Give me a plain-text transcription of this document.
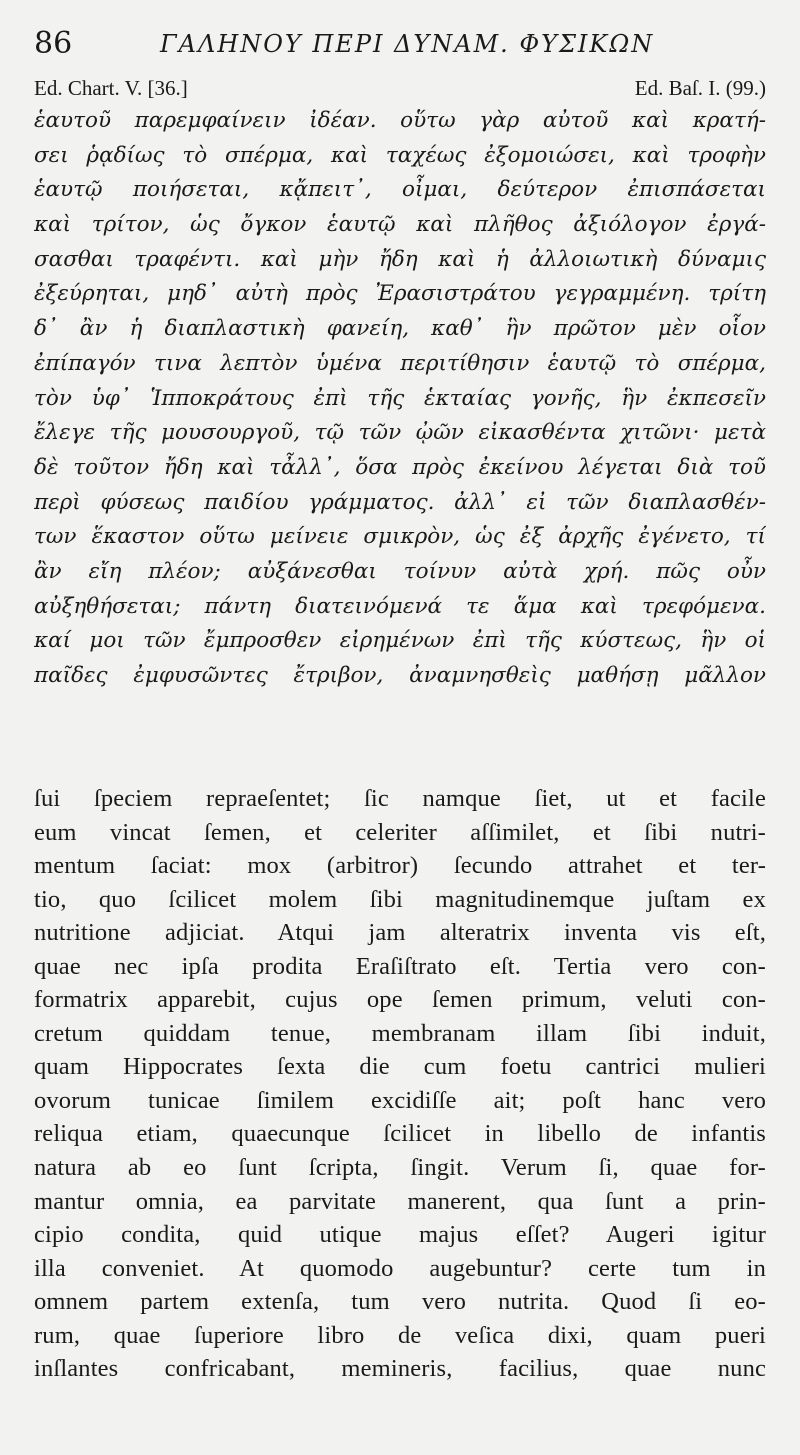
86	ΓΑΛΗΝΟΥ ΠΕΡΙ ΔΥΝΑΜ. ΦΥΣΙΚΩΝ
Ed. Chart. V. [36.]	Ed. Baſ. I. (99.)
ἑαυτοῦ παρεμφαίνειν ἰδέαν. οὕτω γὰρ αὐτοῦ καὶ κρατή-
σει ῥᾳδίως τὸ σπέρμα, καὶ ταχέως ἐξομοιώσει, καὶ τροφὴν
ἑαυτῷ ποιήσεται, κᾄπειτ᾽, οἶμαι, δεύτερον ἐπισπάσεται
καὶ τρίτον, ὡς ὄγκον ἑαυτῷ καὶ πλῆθος ἀξιόλογον ἐργά-
σασθαι τραφέντι. καὶ μὴν ἤδη καὶ ἡ ἀλλοιωτικὴ δύναμις
ἐξεύρηται, μηδ᾽ αὐτὴ πρὸς Ἐρασιστράτου γεγραμμένη. τρίτη
δ᾽ ἂν ἡ διαπλαστικὴ φανείη, καθ᾽ ἣν πρῶτον μὲν οἷον
ἐπίπαγόν τινα λεπτὸν ὑμένα περιτίθησιν ἑαυτῷ τὸ σπέρμα,
τὸν ὑφ᾽ Ἱπποκράτους ἐπὶ τῆς ἑκταίας γονῆς, ἣν ἐκπεσεῖν
ἔλεγε τῆς μουσουργοῦ, τῷ τῶν ᾠῶν εἰκασθέντα χιτῶνι· μετὰ
δὲ τοῦτον ἤδη καὶ τἆλλ᾽, ὅσα πρὸς ἐκείνου λέγεται διὰ τοῦ
περὶ φύσεως παιδίου γράμματος. ἀλλ᾽ εἰ τῶν διαπλασθέν-
των ἕκαστον οὕτω μείνειε σμικρὸν, ὡς ἐξ ἀρχῆς ἐγένετο, τί
ἂν εἴη πλέον; αὐξάνεσθαι τοίνυν αὐτὰ χρή. πῶς οὖν
αὐξηθήσεται; πάντη διατεινόμενά τε ἅμα καὶ τρεφόμενα.
καί μοι τῶν ἔμπροσθεν εἰρημένων ἐπὶ τῆς κύστεως, ἣν οἱ
παῖδες ἐμφυσῶντες ἔτριβον, ἀναμνησθεὶς μαθήσῃ μᾶλλον
ſui ſpeciem repraeſentet; ſic namque ſiet, ut et facile
eum vincat ſemen, et celeriter aſſimilet, et ſibi nutri-
mentum ſaciat: mox (arbitror) ſecundo attrahet et ter-
tio, quo ſcilicet molem ſibi magnitudinemque juſtam ex
nutritione adjiciat. Atqui jam alteratrix inventa vis eſt,
quae nec ipſa prodita Eraſiſtrato eſt. Tertia vero con-
formatrix apparebit, cujus ope ſemen primum, veluti con-
cretum quiddam tenue, membranam illam ſibi induit,
quam Hippocrates ſexta die cum foetu cantrici mulieri
ovorum tunicae ſimilem excidiſſe ait; poſt hanc vero
reliqua etiam, quaecunque ſcilicet in libello de infantis
natura ab eo ſunt ſcripta, ſingit. Verum ſi, quae for-
mantur omnia, ea parvitate manerent, qua ſunt a prin-
cipio condita, quid utique majus eſſet? Augeri igitur
illa conveniet. At quomodo augebuntur? certe tum in
omnem partem extenſa, tum vero nutrita. Quod ſi eo-
rum, quae ſuperiore libro de veſica dixi, quam pueri
inſlantes confricabant, memineris, facilius, quae nunc
